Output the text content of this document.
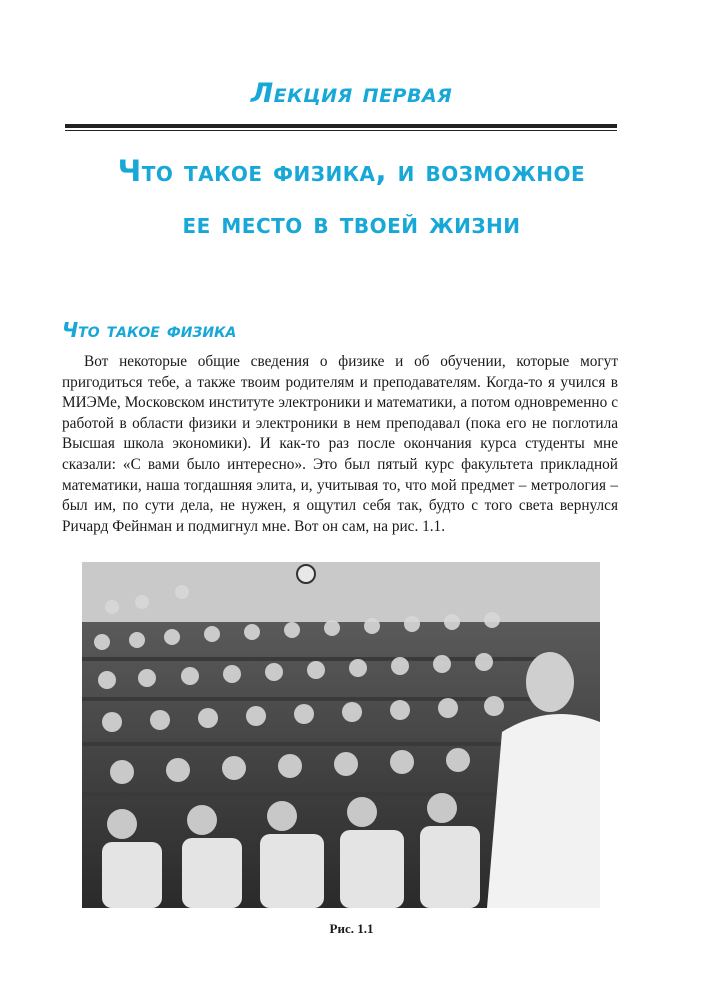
Лекция первая
Что такое физика, и возможное
ее место в твоей жизни
Что такое физика

Вот некоторые общие сведения о физике и об обучении, которые могут пригодиться тебе, а также твоим родителям и преподавателям. Когда-то я учился в МИЭМе, Московском институте электроники и математики, а потом одновременно с работой в области физики и электроники в нем преподавал (пока его не поглотила Высшая школа экономики). И как-то раз после окончания курса студенты мне сказали: «С вами было интересно». Это был пятый курс факультета прикладной математики, наша тогдашняя элита, и, учитывая то, что мой предмет – метрология – был им, по сути дела, не нужен, я ощутил себя так, будто с того света вернулся Ричард Фейнман и подмигнул мне. Вот он сам, на рис. 1.1.

Рис. 1.1
